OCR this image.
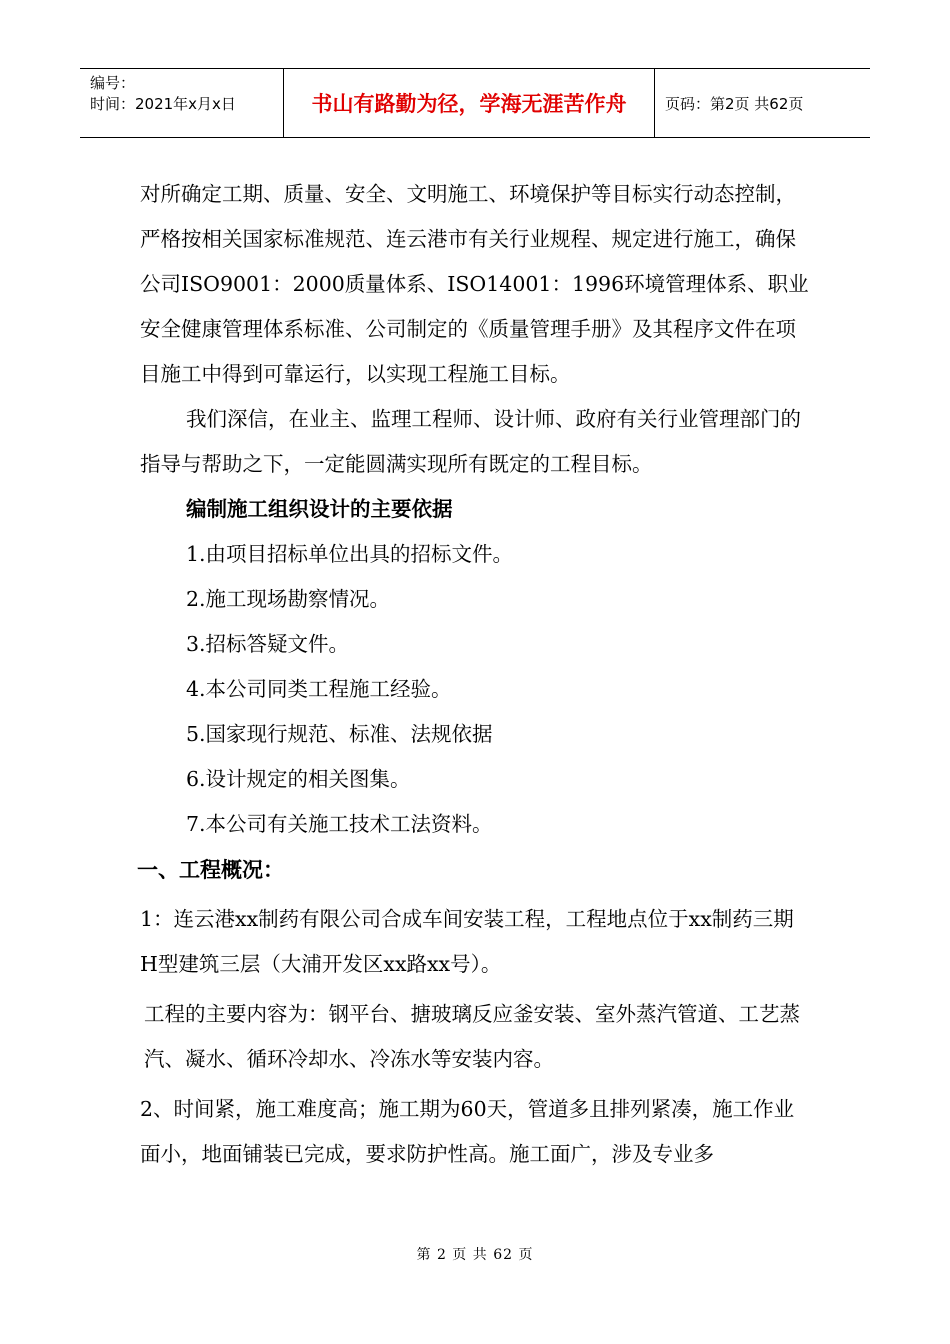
编号：
时间：2021年x月x日	书山有路勤为径，学海无涯苦作舟	页码：第2页 共62页

对所确定工期、质量、安全、文明施工、环境保护等目标实行动态控制，严格按相关国家标准规范、连云港市有关行业规程、规定进行施工，确保公司ISO9001：2000质量体系、ISO14001：1996环境管理体系、职业安全健康管理体系标准、公司制定的《质量管理手册》及其程序文件在项目施工中得到可靠运行，以实现工程施工目标。

我们深信，在业主、监理工程师、设计师、政府有关行业管理部门的指导与帮助之下，一定能圆满实现所有既定的工程目标。

编制施工组织设计的主要依据

1.由项目招标单位出具的招标文件。

2.施工现场勘察情况。

3.招标答疑文件。

4.本公司同类工程施工经验。

5.国家现行规范、标准、法规依据

6.设计规定的相关图集。

7.本公司有关施工技术工法资料。

一、工程概况：

1：连云港xx制药有限公司合成车间安装工程，工程地点位于xx制药三期H型建筑三层（大浦开发区xx路xx号）。

工程的主要内容为：钢平台、搪玻璃反应釜安装、室外蒸汽管道、工艺蒸汽、凝水、循环冷却水、冷冻水等安装内容。

2、时间紧，施工难度高；施工期为60天，管道多且排列紧凑，施工作业面小，地面铺装已完成，要求防护性高。施工面广，涉及专业多

第 2 页 共 62 页
